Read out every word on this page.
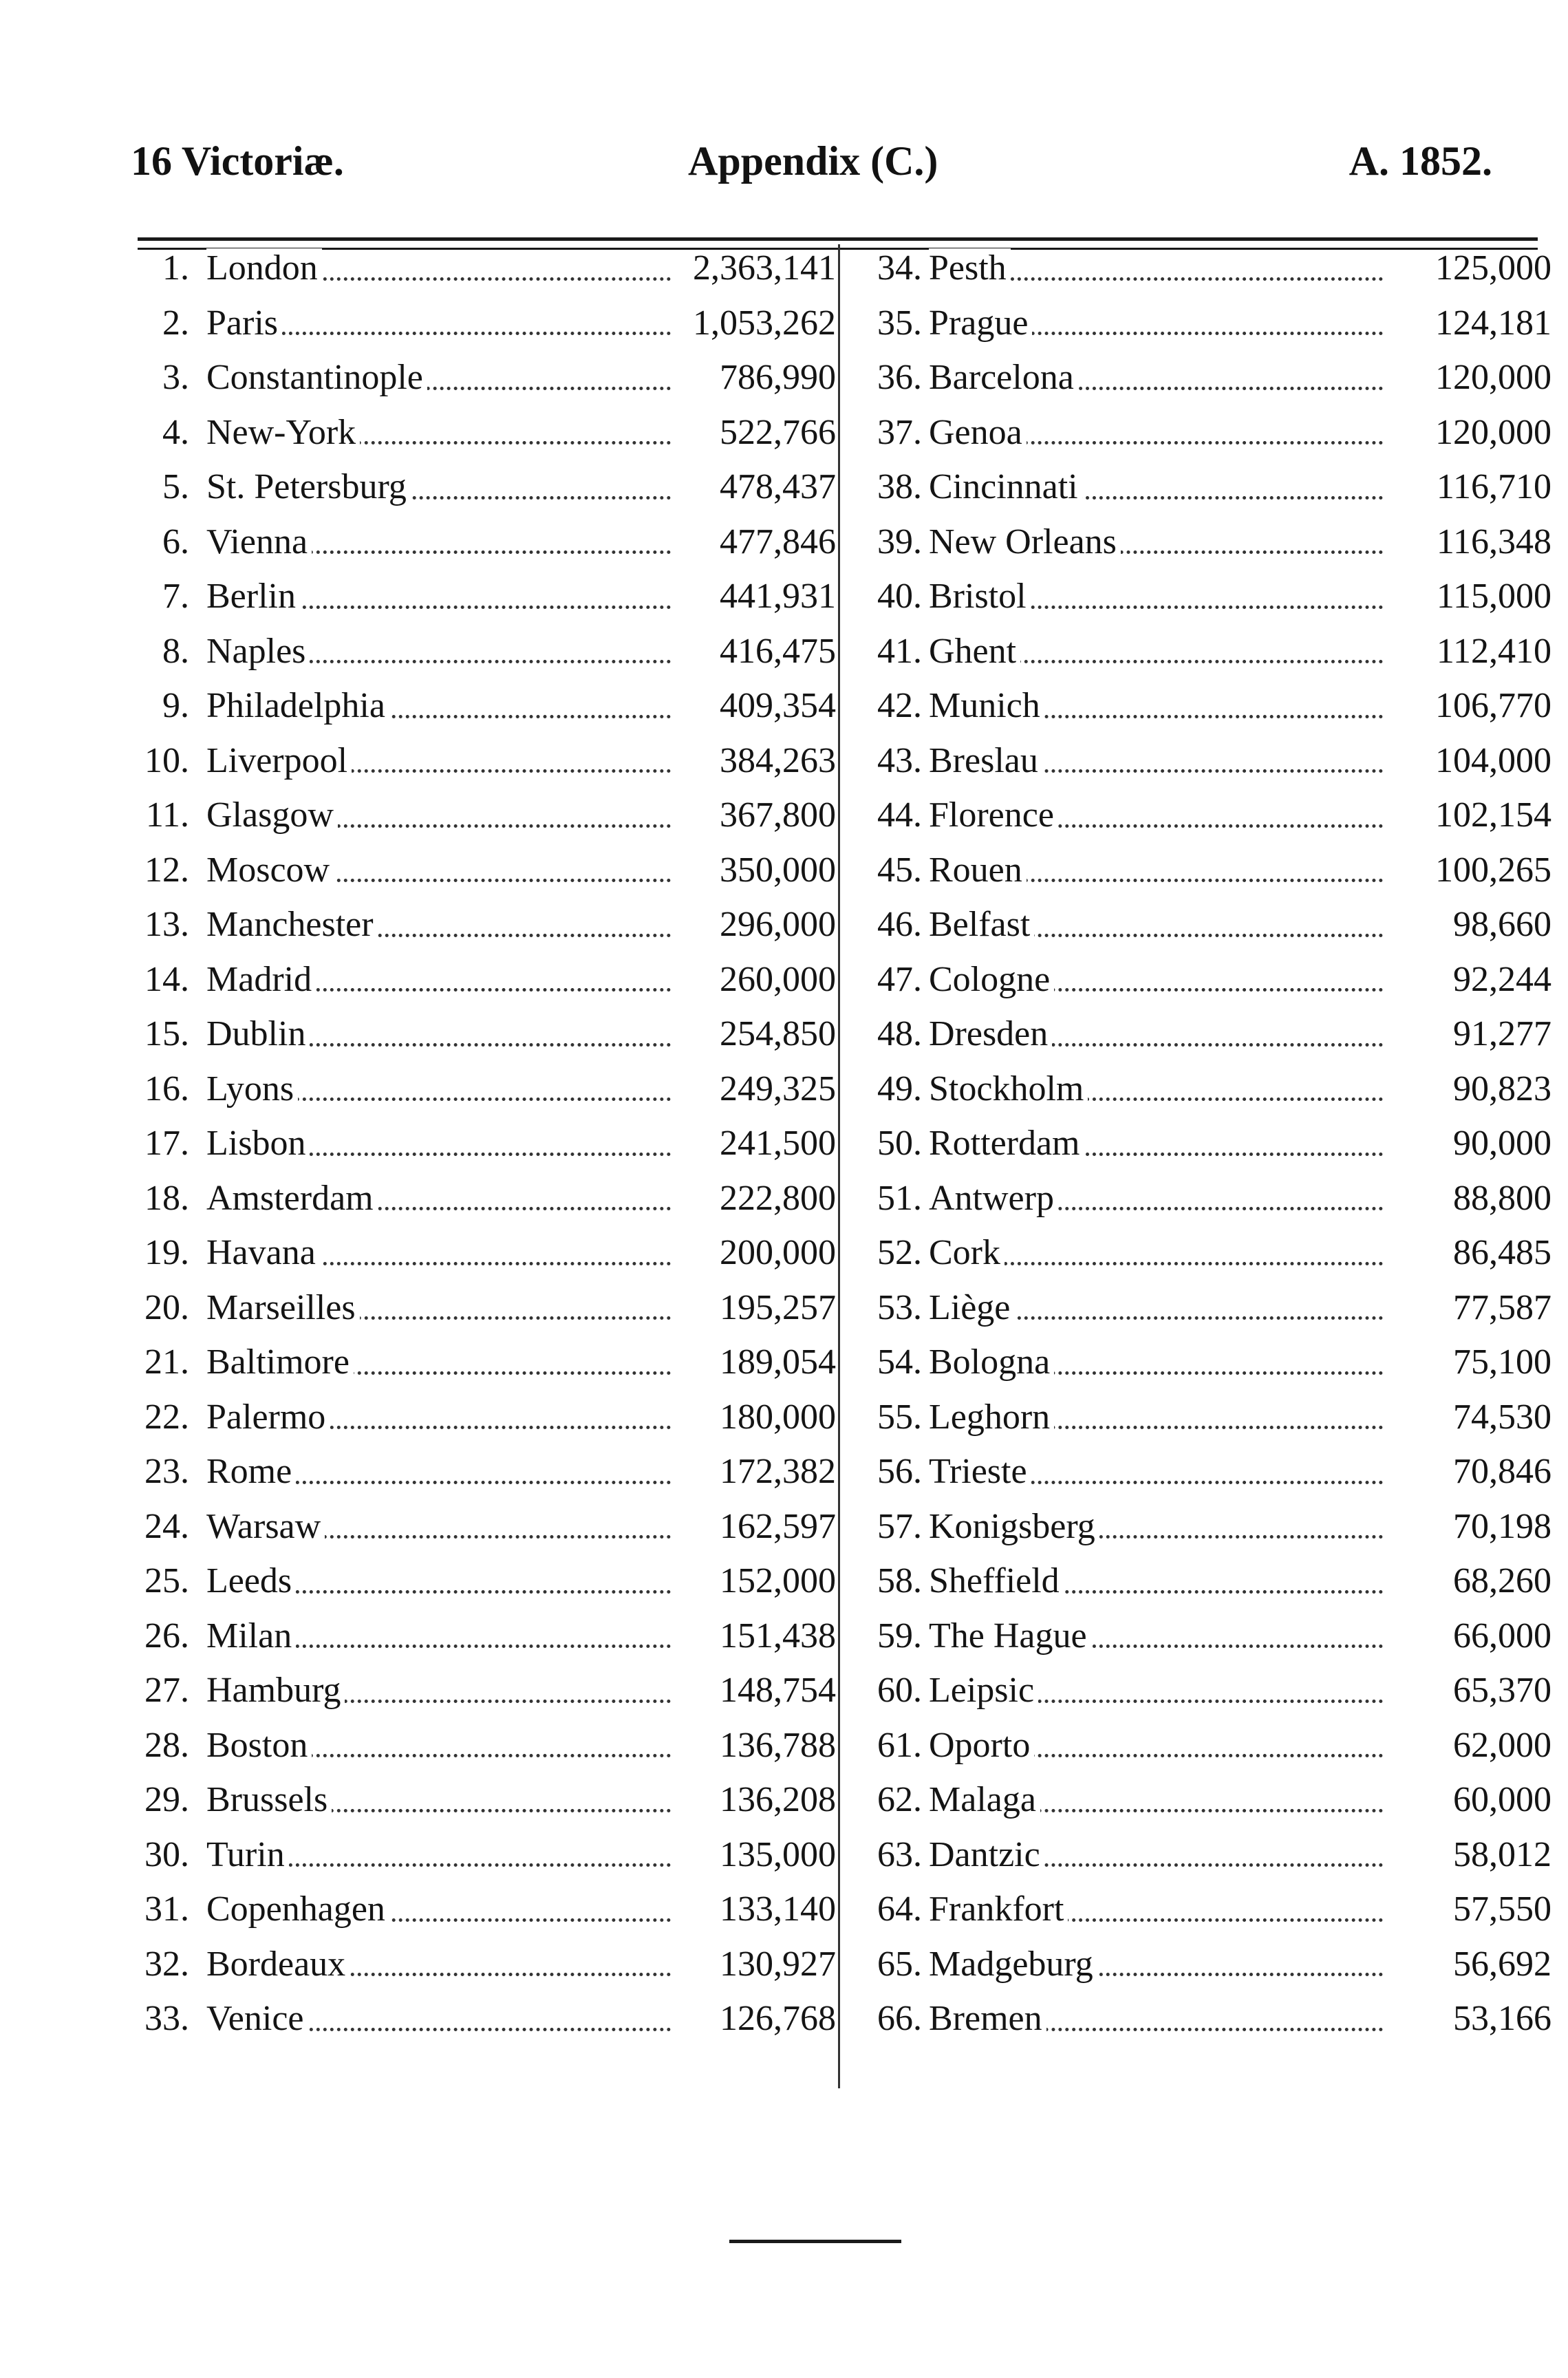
16 Victoriæ.	Appendix (C.)	A. 1852.
1. London	2,363,141
2. Paris	1,053,262
3. Constantinople	786,990
4. New-York	522,766
5. St. Petersburg	478,437
6. Vienna	477,846
7. Berlin	441,931
8. Naples	416,475
9. Philadelphia	409,354
10. Liverpool	384,263
11. Glasgow	367,800
12. Moscow	350,000
13. Manchester	296,000
14. Madrid	260,000
15. Dublin	254,850
16. Lyons	249,325
17. Lisbon	241,500
18. Amsterdam	222,800
19. Havana	200,000
20. Marseilles	195,257
21. Baltimore	189,054
22. Palermo	180,000
23. Rome	172,382
24. Warsaw	162,597
25. Leeds	152,000
26. Milan	151,438
27. Hamburg	148,754
28. Boston	136,788
29. Brussels	136,208
30. Turin	135,000
31. Copenhagen	133,140
32. Bordeaux	130,927
33. Venice	126,768
34. Pesth	125,000
35. Prague	124,181
36. Barcelona	120,000
37. Genoa	120,000
38. Cincinnati	116,710
39. New Orleans	116,348
40. Bristol	115,000
41. Ghent	112,410
42. Munich	106,770
43. Breslau	104,000
44. Florence	102,154
45. Rouen	100,265
46. Belfast	98,660
47. Cologne	92,244
48. Dresden	91,277
49. Stockholm	90,823
50. Rotterdam	90,000
51. Antwerp	88,800
52. Cork	86,485
53. Liège	77,587
54. Bologna	75,100
55. Leghorn	74,530
56. Trieste	70,846
57. Konigsberg	70,198
58. Sheffield	68,260
59. The Hague	66,000
60. Leipsic	65,370
61. Oporto	62,000
62. Malaga	60,000
63. Dantzic	58,012
64. Frankfort	57,550
65. Madgeburg	56,692
66. Bremen	53,166
